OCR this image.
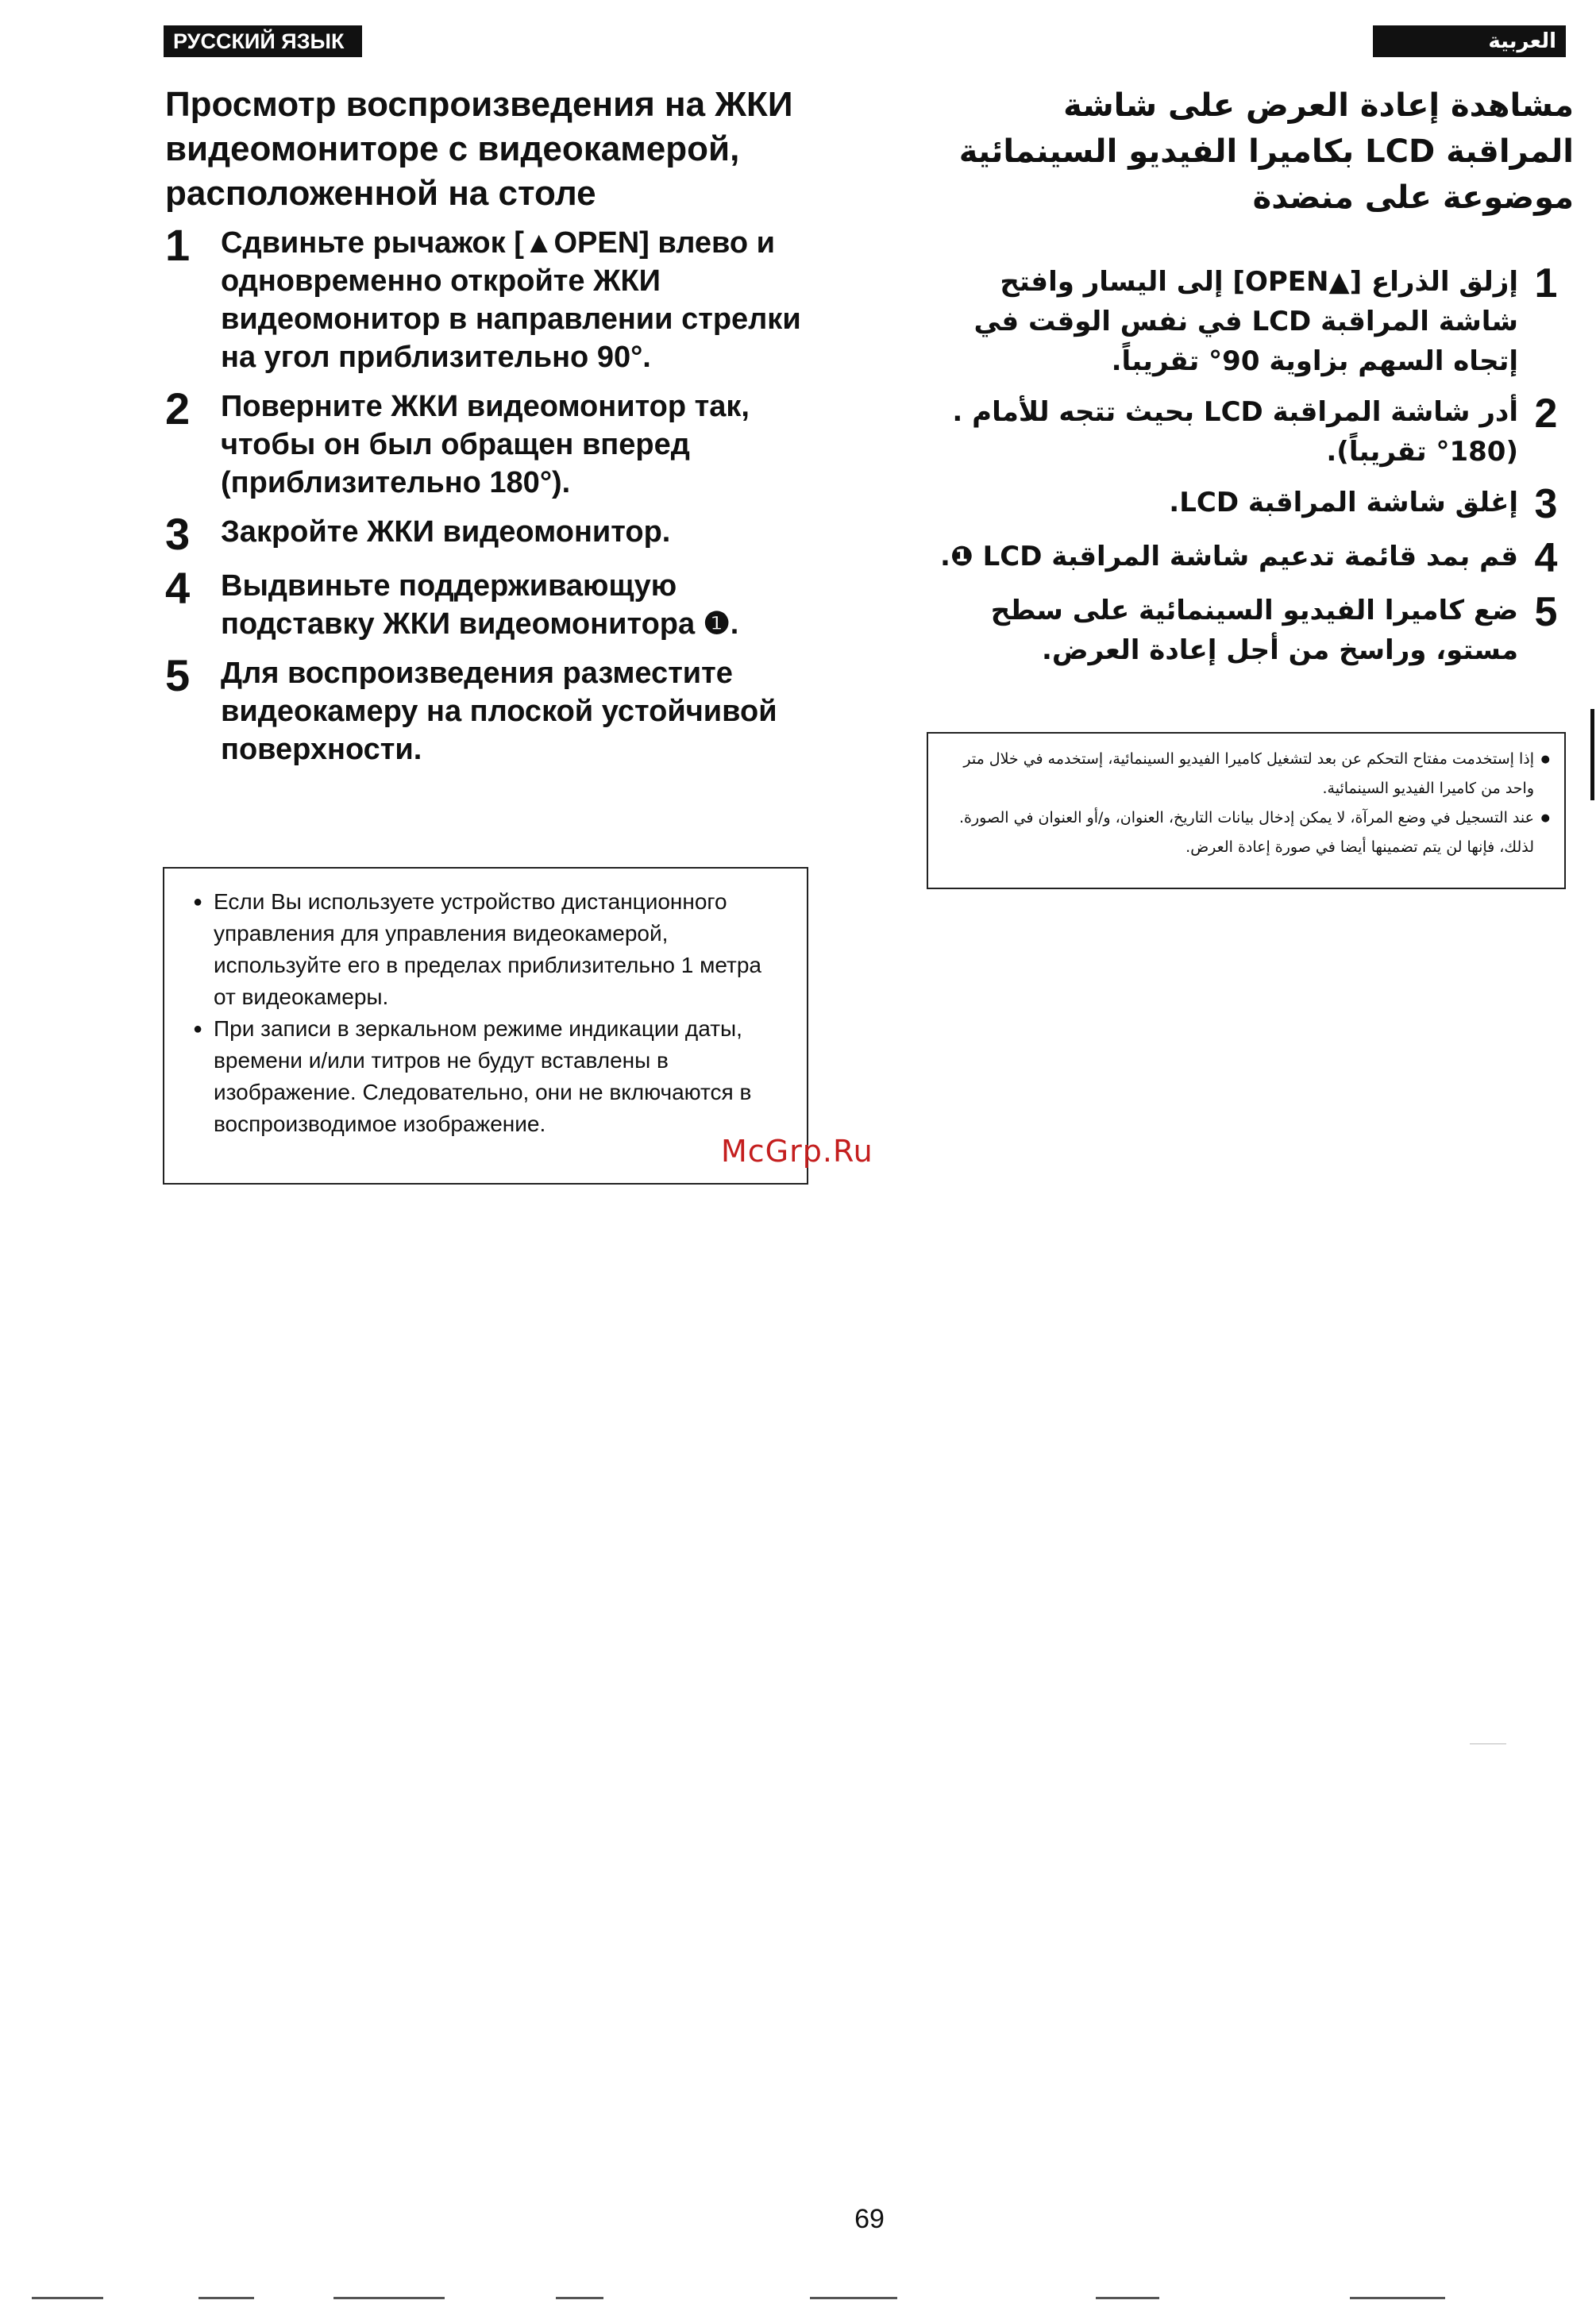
РУССКИЙ ЯЗЫК	العربية
Просмотр воспроизведения на ЖКИ видеомониторе с видеокамерой, расположенной на столе
1	Сдвиньте рычажок [▲OPEN] влево и одновременно откройте ЖКИ видеомонитор в направлении стрелки на угол приблизительно 90°.
2	Поверните ЖКИ видеомонитор так, чтобы он был обращен вперед (приблизительно 180°).
3	Закройте ЖКИ видеомонитор.
4	Выдвиньте поддерживающую подставку ЖКИ видеомонитора ❶.
5	Для воспроизведения разместите видеокамеру на плоской устойчивой поверхности.
● Если Вы используете устройство дистанционного управления для управления видеокамерой, используйте его в пределах приблизительно 1 метра от видеокамеры.
● При записи в зеркальном режиме индикации даты, времени и/или титров не будут вставлены в изображение. Следовательно, они не включаются в воспроизводимое изображение.
McGrp.Ru
مشاهدة إعادة العرض على شاشة المراقبة LCD بكاميرا الفيديو السينمائية موضوعة على منضدة
1
إزلق الذراع [▲OPEN] إلى اليسار وافتح شاشة المراقبة LCD في نفس الوقت في إتجاه السهم بزاوية 90° تقريباً.
2
أدر شاشة المراقبة LCD بحيث تتجه للأمام . (180° تقريباً).
3
إغلق شاشة المراقبة LCD.
4
قم بمد قائمة تدعيم شاشة المراقبة LCD ❶.
5
ضع كاميرا الفيديو السينمائية على سطح مستو، وراسخ من أجل إعادة العرض.
● إذا إستخدمت مفتاح التحكم عن بعد لتشغيل كاميرا الفيديو السينمائية، إستخدمه في خلال متر واحد من كاميرا الفيديو السينمائية.
● عند التسجيل في وضع المرآة، لا يمكن إدخال بيانات التاريخ، العنوان، و/أو العنوان في الصورة. لذلك، فإنها لن يتم تضمينها أيضا في صورة إعادة العرض.
69
